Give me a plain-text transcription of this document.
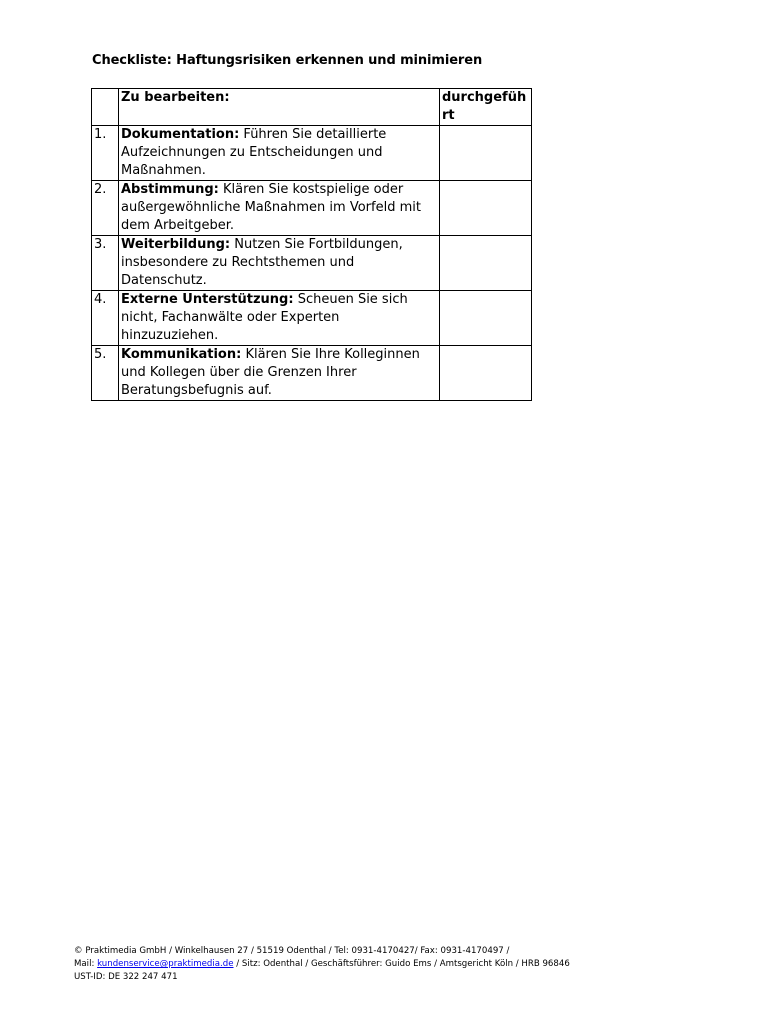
Checkliste: Haftungsrisiken erkennen und minimieren
	Zu bearbeiten:	durchgeführt
1.	Dokumentation: Führen Sie detaillierte Aufzeichnungen zu Entscheidungen und Maßnahmen.	
2.	Abstimmung: Klären Sie kostspielige oder außergewöhnliche Maßnahmen im Vorfeld mit dem Arbeitgeber.	
3.	Weiterbildung: Nutzen Sie Fortbildungen, insbesondere zu Rechtsthemen und Datenschutz.	
4.	Externe Unterstützung: Scheuen Sie sich nicht, Fachanwälte oder Experten hinzuzuziehen.	
5.	Kommunikation: Klären Sie Ihre Kolleginnen und Kollegen über die Grenzen Ihrer Beratungsbefugnis auf.	
© Praktimedia GmbH / Winkelhausen 27 / 51519 Odenthal / Tel: 0931-4170427/ Fax: 0931-4170497 /
Mail: kundenservice@praktimedia.de / Sitz: Odenthal / Geschäftsführer: Guido Ems / Amtsgericht Köln / HRB 96846
UST-ID: DE 322 247 471
